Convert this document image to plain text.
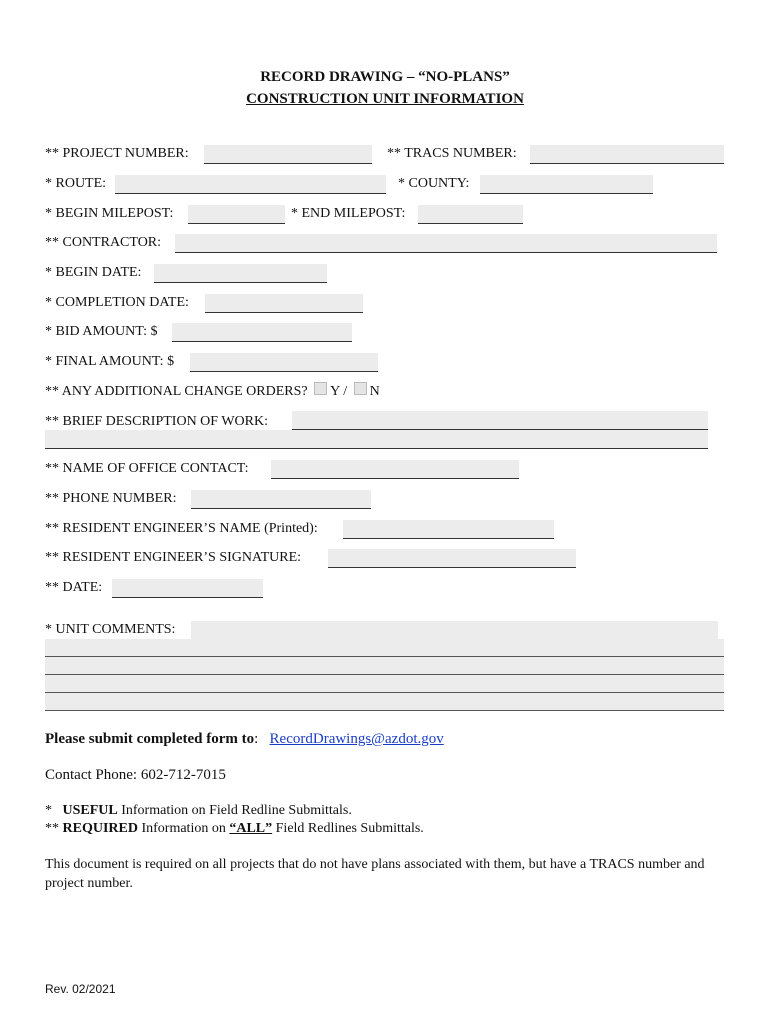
RECORD DRAWING – “NO-PLANS”
CONSTRUCTION UNIT INFORMATION
** PROJECT NUMBER:	** TRACS NUMBER:
* ROUTE:	* COUNTY:
* BEGIN MILEPOST:	* END MILEPOST:
** CONTRACTOR:
* BEGIN DATE:
* COMPLETION DATE:
* BID AMOUNT: $
* FINAL AMOUNT: $
** ANY ADDITIONAL CHANGE ORDERS? Y / N
** BRIEF DESCRIPTION OF WORK:
** NAME OF OFFICE CONTACT:
** PHONE NUMBER:
** RESIDENT ENGINEER’S NAME (Printed):
** RESIDENT ENGINEER’S SIGNATURE:
** DATE:
* UNIT COMMENTS:
Please submit completed form to: RecordDrawings@azdot.gov
Contact Phone: 602-712-7015
*   USEFUL Information on Field Redline Submittals.
** REQUIRED Information on “ALL” Field Redlines Submittals.
This document is required on all projects that do not have plans associated with them, but have a TRACS number and project number.
Rev. 02/2021
